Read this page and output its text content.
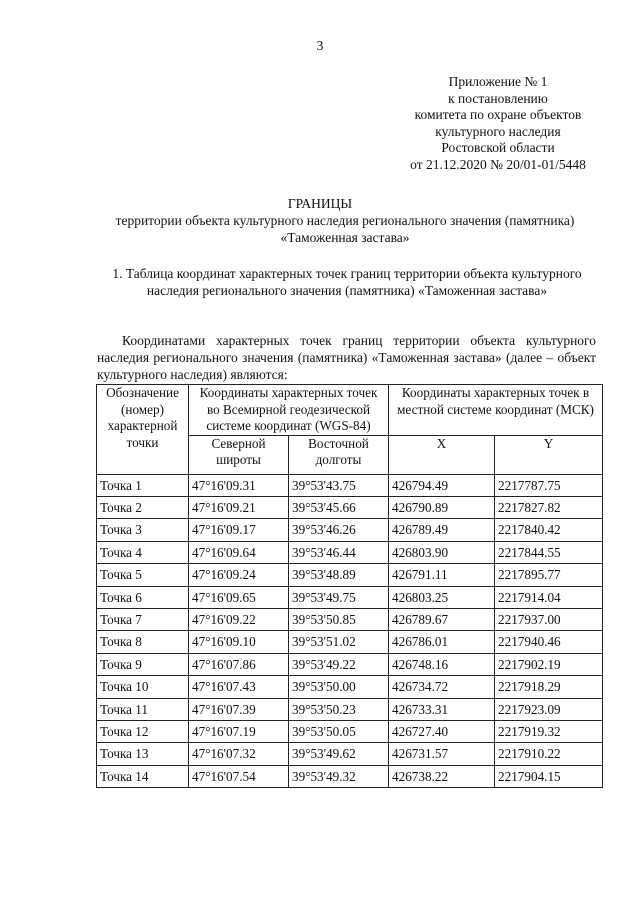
3
Приложение № 1
к постановлению
комитета по охране объектов
культурного наследия
Ростовской области
от 21.12.2020 № 20/01-01/5448
ГРАНИЦЫ
территории объекта культурного наследия регионального значения (памятника) «Таможенная застава»
1. Таблица координат характерных точек границ территории объекта культурного наследия регионального значения (памятника) «Таможенная застава»
Координатами характерных точек границ территории объекта культурного наследия регионального значения (памятника) «Таможенная застава» (далее – объект культурного наследия) являются:
Обозначение (номер) характерной точки	Координаты характерных точек во Всемирной геодезической системе координат (WGS-84)		Координаты характерных точек в местной системе координат (МСК)	
	Северной широты	Восточной долготы	X	Y
Точка 1	47°16'09.31	39°53'43.75	426794.49	2217787.75
Точка 2	47°16'09.21	39°53'45.66	426790.89	2217827.82
Точка 3	47°16'09.17	39°53'46.26	426789.49	2217840.42
Точка 4	47°16'09.64	39°53'46.44	426803.90	2217844.55
Точка 5	47°16'09.24	39°53'48.89	426791.11	2217895.77
Точка 6	47°16'09.65	39°53'49.75	426803.25	2217914.04
Точка 7	47°16'09.22	39°53'50.85	426789.67	2217937.00
Точка 8	47°16'09.10	39°53'51.02	426786.01	2217940.46
Точка 9	47°16'07.86	39°53'49.22	426748.16	2217902.19
Точка 10	47°16'07.43	39°53'50.00	426734.72	2217918.29
Точка 11	47°16'07.39	39°53'50.23	426733.31	2217923.09
Точка 12	47°16'07.19	39°53'50.05	426727.40	2217919.32
Точка 13	47°16'07.32	39°53'49.62	426731.57	2217910.22
Точка 14	47°16'07.54	39°53'49.32	426738.22	2217904.15
